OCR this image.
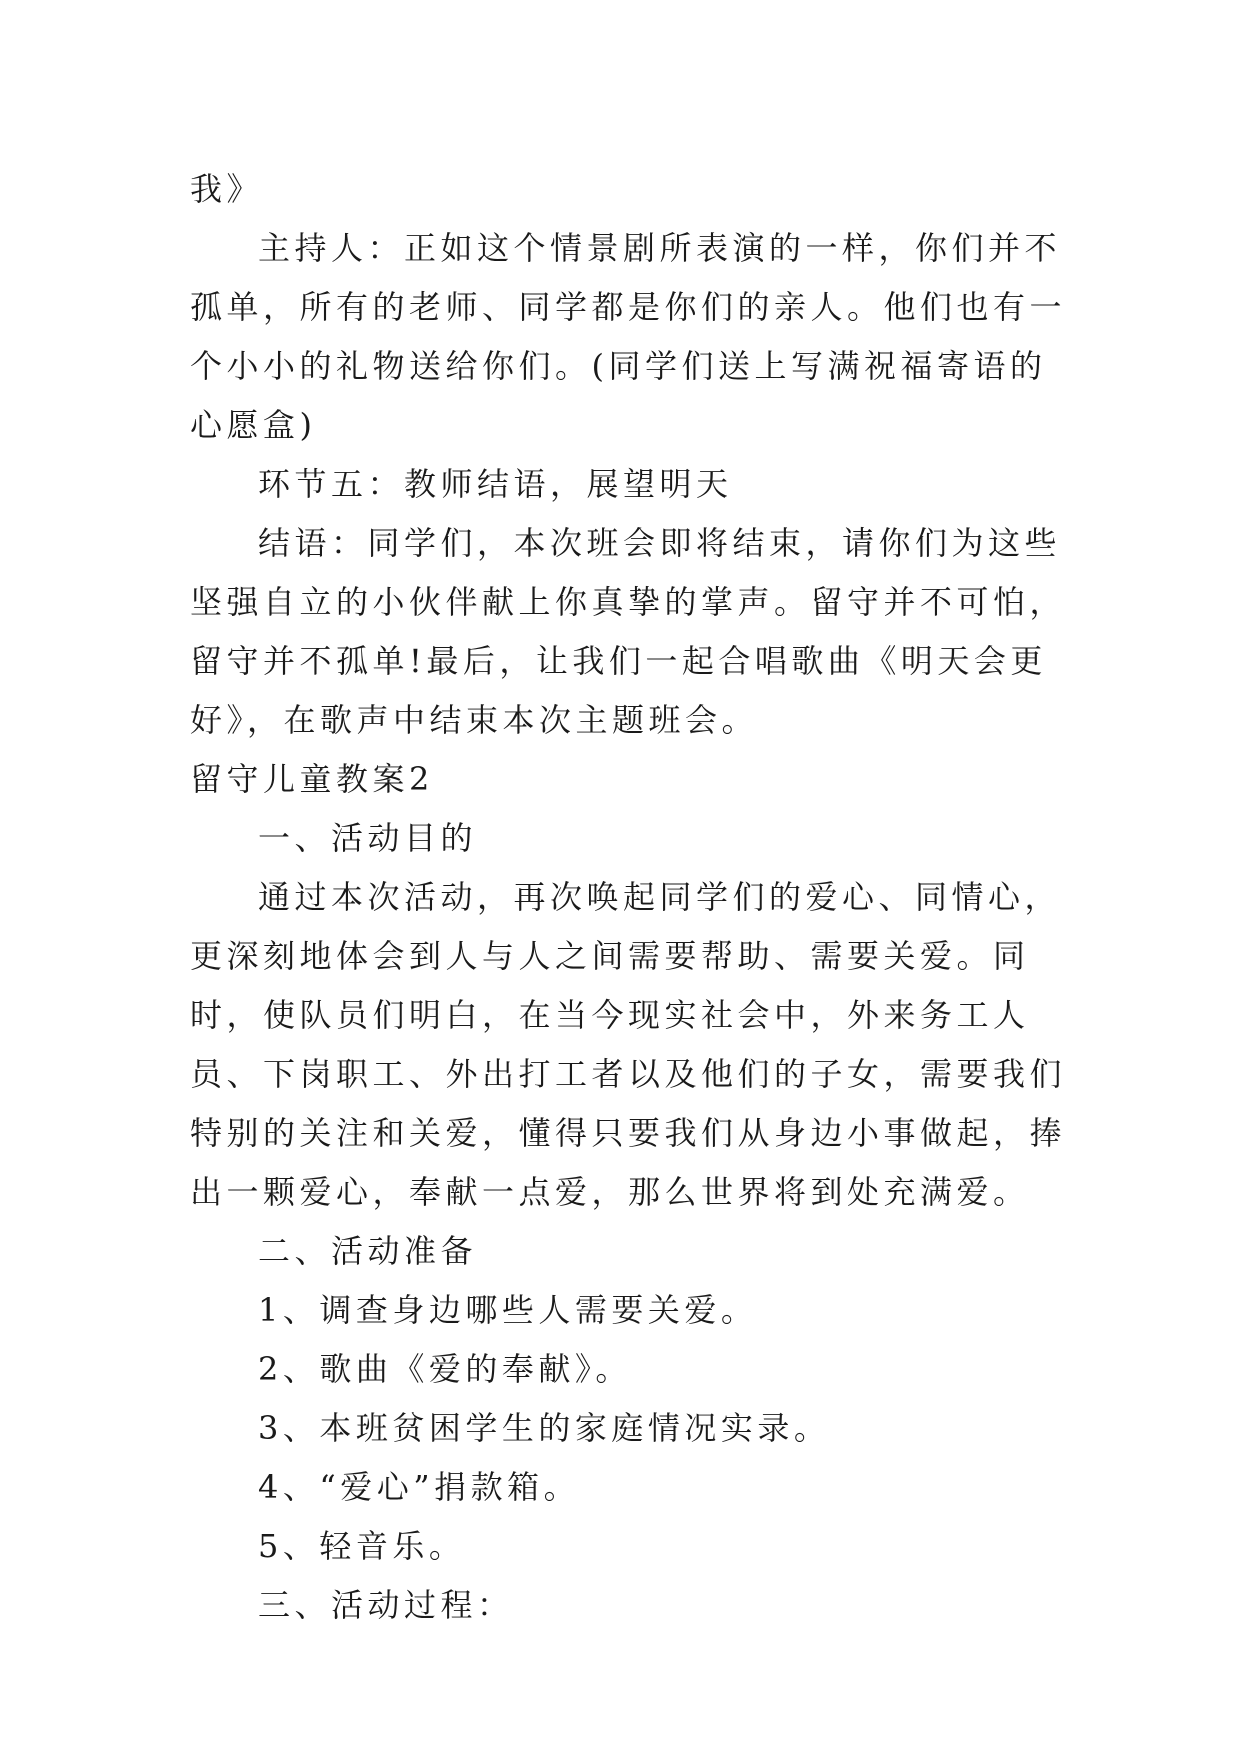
我》

主持人：正如这个情景剧所表演的一样，你们并不孤单，所有的老师、同学都是你们的亲人。他们也有一个小小的礼物送给你们。(同学们送上写满祝福寄语的心愿盒)

环节五：教师结语，展望明天

结语：同学们，本次班会即将结束，请你们为这些坚强自立的小伙伴献上你真挚的掌声。留守并不可怕，留守并不孤单!最后，让我们一起合唱歌曲《明天会更好》，在歌声中结束本次主题班会。

留守儿童教案2

一、活动目的

通过本次活动，再次唤起同学们的爱心、同情心，更深刻地体会到人与人之间需要帮助、需要关爱。同时，使队员们明白，在当今现实社会中，外来务工人员、下岗职工、外出打工者以及他们的子女，需要我们特别的关注和关爱，懂得只要我们从身边小事做起，捧出一颗爱心，奉献一点爱，那么世界将到处充满爱。

二、活动准备

1、调查身边哪些人需要关爱。

2、歌曲《爱的奉献》。

3、本班贫困学生的家庭情况实录。

4、“爱心”捐款箱。

5、轻音乐。

三、活动过程：
